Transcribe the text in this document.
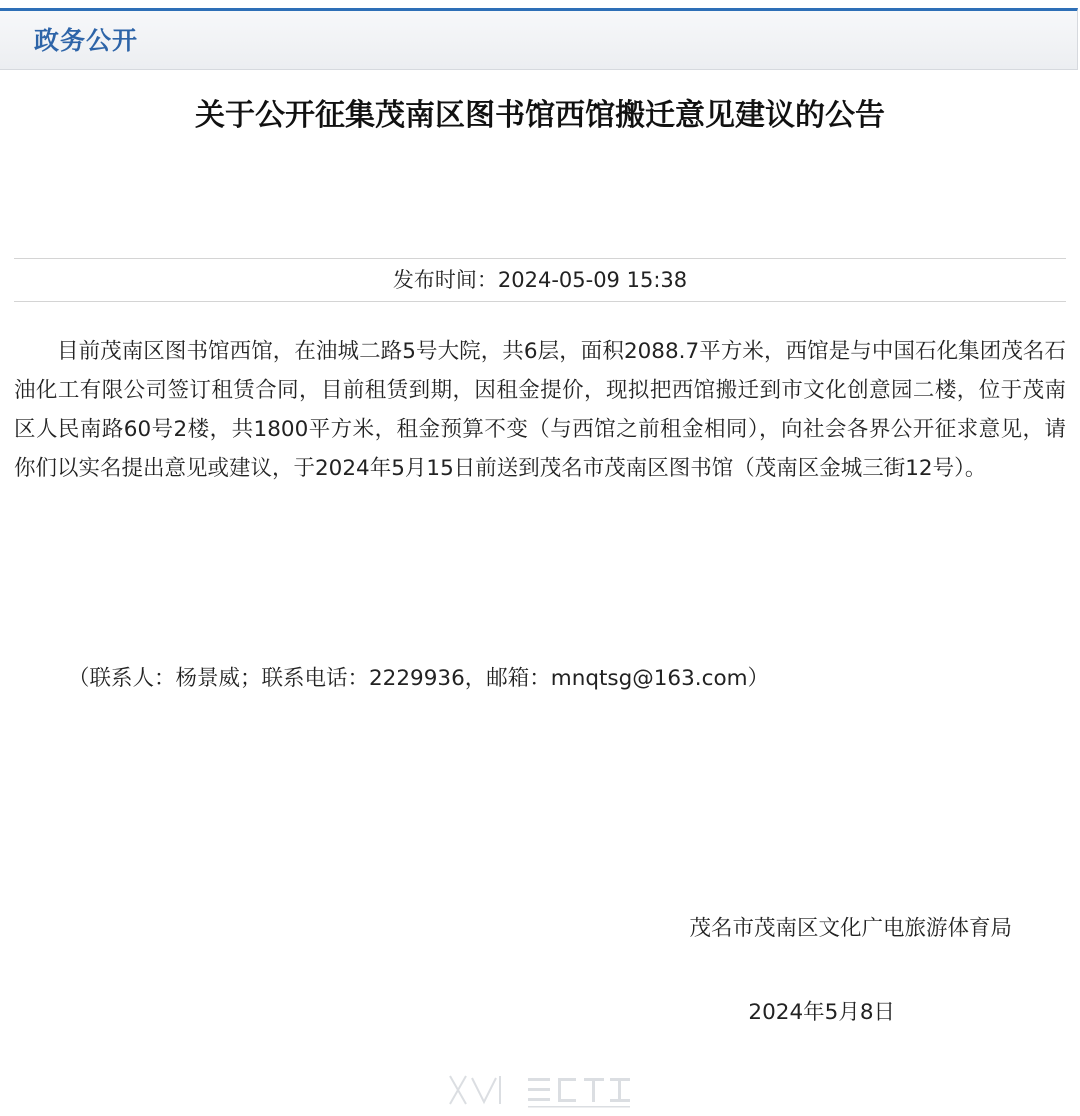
政务公开
关于公开征集茂南区图书馆西馆搬迁意见建议的公告
发布时间：2024-05-09 15:38

目前茂南区图书馆西馆，在油城二路5号大院，共6层，面积2088.7平方米，西馆是与中国石化集团茂名石油化工有限公司签订租赁合同，目前租赁到期，因租金提价，现拟把西馆搬迁到市文化创意园二楼，位于茂南区人民南路60号2楼，共1800平方米，租金预算不变（与西馆之前租金相同），向社会各界公开征求意见，请你们以实名提出意见或建议，于2024年5月15日前送到茂名市茂南区图书馆（茂南区金城三街12号）。

（联系人：杨景威；联系电话：2229936，邮箱：mnqtsg@163.com）
茂名市茂南区文化广电旅游体育局
2024年5月8日
